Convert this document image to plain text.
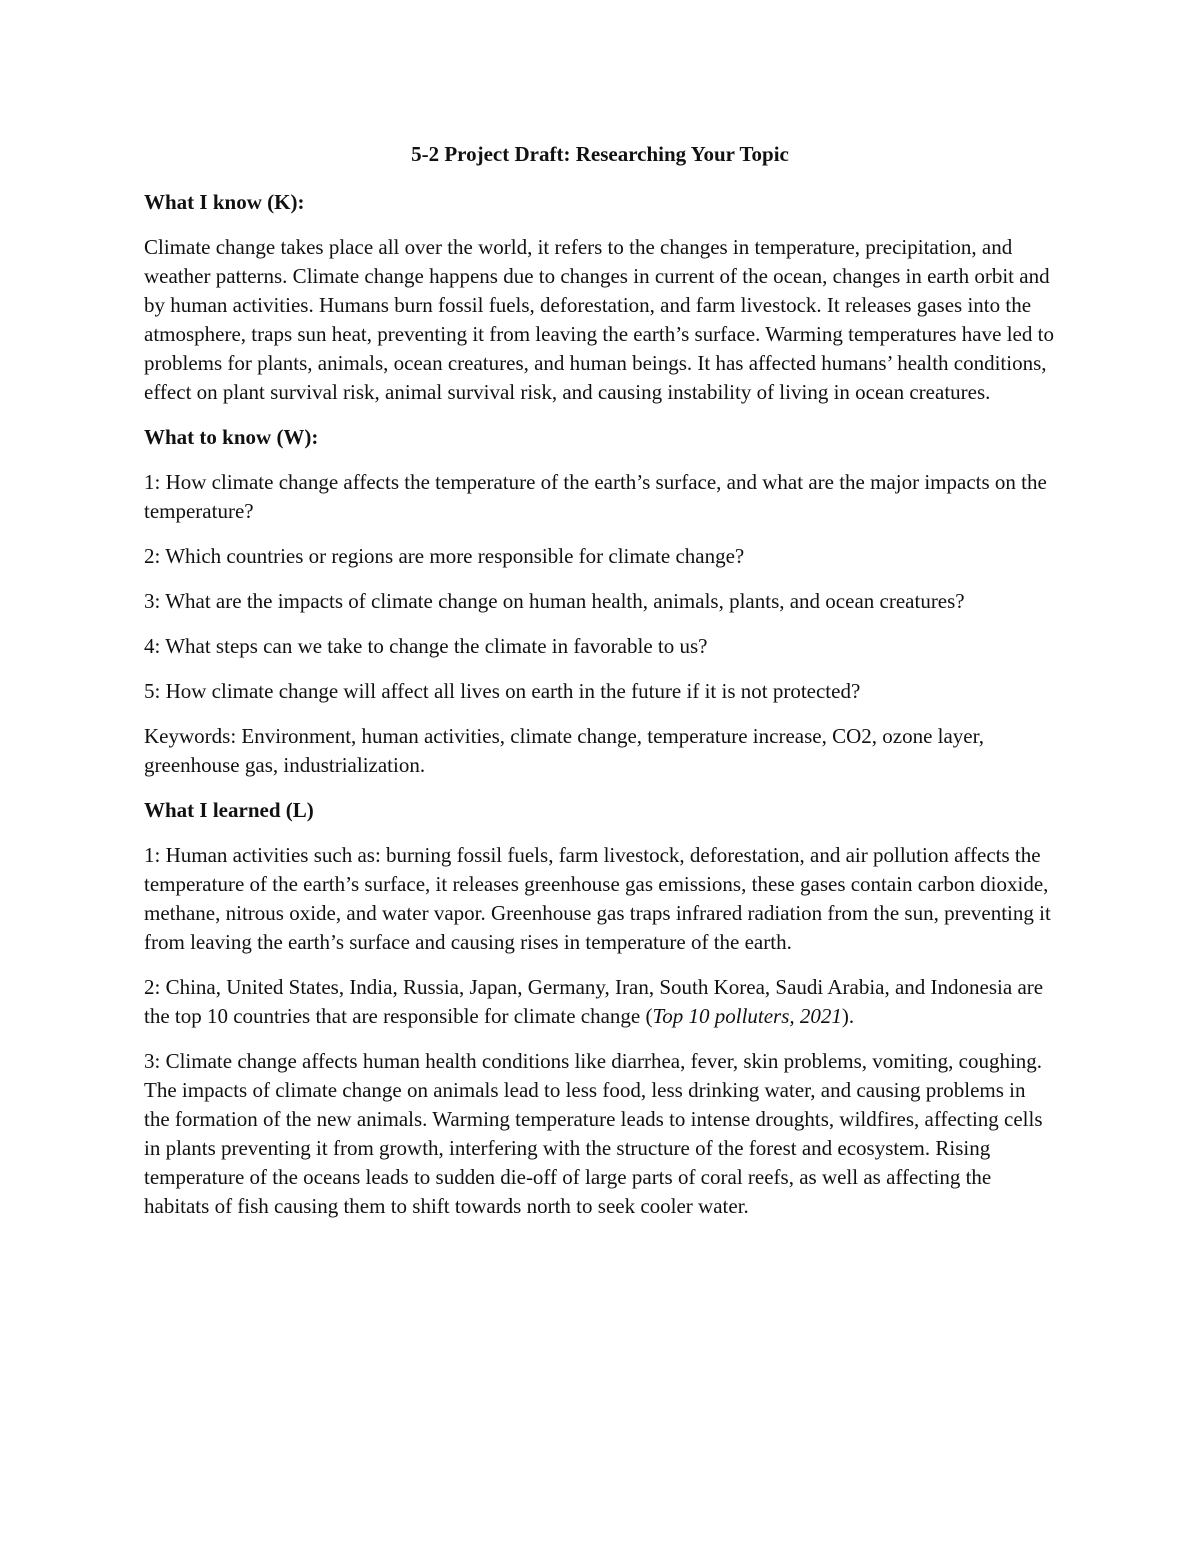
5-2 Project Draft: Researching Your Topic

What I know (K):

Climate change takes place all over the world, it refers to the changes in temperature, precipitation, and weather patterns. Climate change happens due to changes in current of the ocean, changes in earth orbit and by human activities. Humans burn fossil fuels, deforestation, and farm livestock. It releases gases into the atmosphere, traps sun heat, preventing it from leaving the earth’s surface. Warming temperatures have led to problems for plants, animals, ocean creatures, and human beings. It has affected humans’ health conditions, effect on plant survival risk, animal survival risk, and causing instability of living in ocean creatures.

What to know (W):

1: How climate change affects the temperature of the earth’s surface, and what are the major impacts on the temperature?

2: Which countries or regions are more responsible for climate change?

3: What are the impacts of climate change on human health, animals, plants, and ocean creatures?

4: What steps can we take to change the climate in favorable to us?

5: How climate change will affect all lives on earth in the future if it is not protected?

Keywords: Environment, human activities, climate change, temperature increase, CO2, ozone layer, greenhouse gas, industrialization.

What I learned (L)

1: Human activities such as: burning fossil fuels, farm livestock, deforestation, and air pollution affects the temperature of the earth’s surface, it releases greenhouse gas emissions, these gases contain carbon dioxide, methane, nitrous oxide, and water vapor. Greenhouse gas traps infrared radiation from the sun, preventing it from leaving the earth’s surface and causing rises in temperature of the earth.

2: China, United States, India, Russia, Japan, Germany, Iran, South Korea, Saudi Arabia, and Indonesia are the top 10 countries that are responsible for climate change (Top 10 polluters, 2021).

3: Climate change affects human health conditions like diarrhea, fever, skin problems, vomiting, coughing. The impacts of climate change on animals lead to less food, less drinking water, and causing problems in the formation of the new animals. Warming temperature leads to intense droughts, wildfires, affecting cells in plants preventing it from growth, interfering with the structure of the forest and ecosystem. Rising temperature of the oceans leads to sudden die-off of large parts of coral reefs, as well as affecting the habitats of fish causing them to shift towards north to seek cooler water.
